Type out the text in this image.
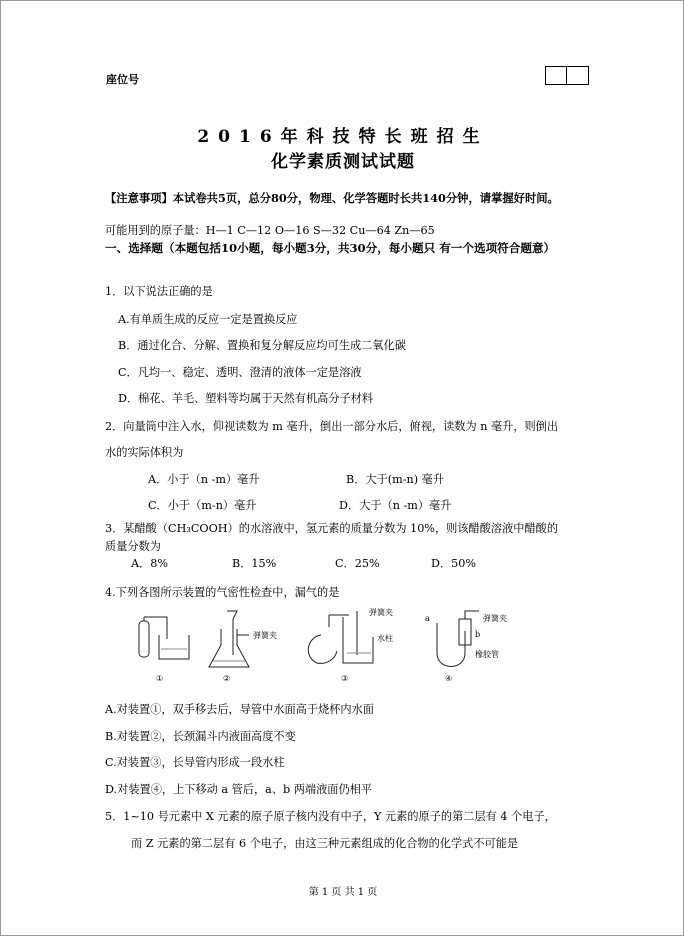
座位号
2016年科技特长班招生
化学素质测试试题
【注意事项】本试卷共5页，总分80分，物理、化学答题时长共140分钟，请掌握好时间。
可能用到的原子量：H—1 C—12 O—16 S—32 Cu—64 Zn—65
一、选择题（本题包括10小题，每小题3分，共30分，每小题只 有一个选项符合题意）
1．以下说法正确的是
A.有单质生成的反应一定是置换反应
B．通过化合、分解、置换和复分解反应均可生成二氧化碳
C．凡均一、稳定、透明、澄清的液体一定是溶液
D．棉花、羊毛、塑料等均属于天然有机高分子材料
2．向量筒中注入水，仰视读数为 m 毫升，倒出一部分水后，俯视，读数为 n 毫升，则倒出
水的实际体积为
A．小于（n -m）毫升	B．大于(m-n) 毫升
C．小于（m-n）毫升	D．大于（n -m）毫升
3．某醋酸（CH₃COOH）的水溶液中，氢元素的质量分数为 10%，则该醋酸溶液中醋酸的
质量分数为
A．8%	B．15%	C．25%	D．50%
4.下列各图所示装置的气密性检查中，漏气的是
①
弹簧夹
②
弹簧夹
水柱
③
a
b
弹簧夹
橡胶管
④
A.对装置①，双手移去后，导管中水面高于烧杯内水面
B.对装置②，长颈漏斗内液面高度不变
C.对装置③，长导管内形成一段水柱
D.对装置④，上下移动 a 管后，a、b 两端液面仍相平
5．1~10 号元素中 X 元素的原子原子核内没有中子，Y 元素的原子的第二层有 4 个电子，
而 Z 元素的第二层有 6 个电子，由这三种元素组成的化合物的化学式不可能是
第 1 页 共 1 页
